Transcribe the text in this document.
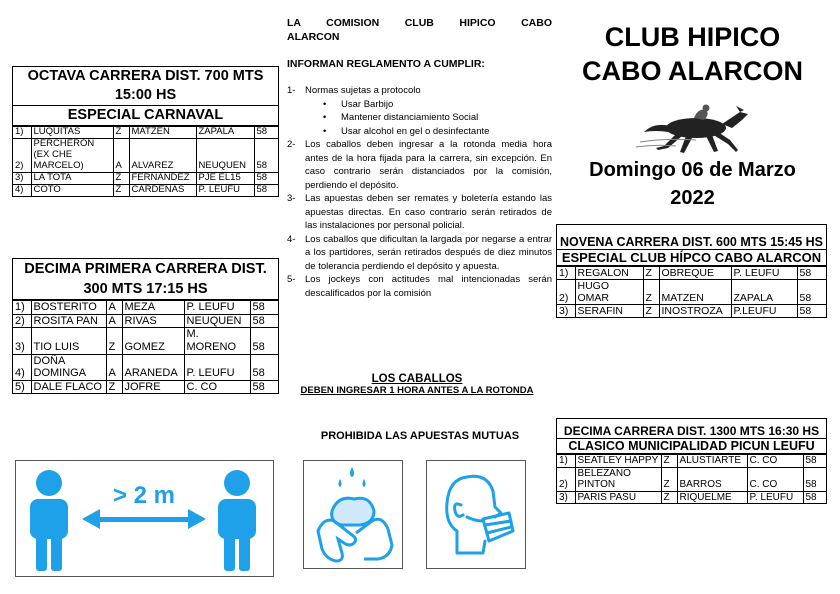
OCTAVA CARRERA DIST. 700 MTS 15:00 HS
ESPECIAL CARNAVAL
1)	LUQUITAS	Z	MATZEN	ZAPALA	58
2)	PERCHERON (EX CHE MARCELO)	A	ALVAREZ	NEUQUEN	58
3)	LA TOTA	Z	FERNANDEZ	PJE EL15	58
4)	COTO	Z	CARDENAS	P. LEUFU	58
DECIMA PRIMERA CARRERA DIST. 300 MTS 17:15 HS
1)	BOSTERITO	A	MEZA	P. LEUFU	58
2)	ROSITA PAN	A	RIVAS	NEUQUEN	58
3)	TIO LUIS	Z	GOMEZ	M. MORENO	58
4)	DOÑA DOMINGA	A	ARANEDA	P. LEUFU	58
5)	DALE FLACO	Z	JOFRE	C. CO	58
LA COMISION CLUB HIPICO CABO
ALARCON
INFORMAN REGLAMENTO A CUMPLIR:
1-	Normas sujetas a protocolo
• Usar Barbijo
• Mantener distanciamiento Social
• Usar alcohol en gel o desinfectante
2-	Los caballos deben ingresar a la rotonda media hora antes de la hora fijada para la carrera, sin excepción. En caso contrario serán distanciados por la comisión, perdiendo el depósito.
3-	Las apuestas deben ser remates y boletería estando las apuestas directas. En caso contrario serán retirados de las instalaciones por personal policial.
4-	Los caballos que dificultan la largada por negarse a entrar a los partidores, serán retirados después de diez minutos de tolerancia perdiendo el depósito y apuesta.
5-	Los jockeys con actitudes mal intencionadas serán descalificados por la comisión
LOS CABALLOS
DEBEN INGRESAR 1 HORA ANTES A LA ROTONDA
PROHIBIDA LAS APUESTAS MUTUAS
CLUB HIPICO
CABO ALARCON
Domingo 06 de Marzo
2022
NOVENA CARRERA DIST. 600 MTS 15:45 HS
ESPECIAL CLUB HÍPCO CABO ALARCON
1)	REGALON	Z	OBREQUE	P. LEUFU	58
2)	HUGO OMAR	Z	MATZEN	ZAPALA	58
3)	SERAFIN	Z	INOSTROZA	P.LEUFU	58
DECIMA CARRERA DIST. 1300 MTS 16:30 HS
CLASICO MUNICIPALIDAD PICUN LEUFU
1)	SEATLEY HAPPY	Z	ALUSTIARTE	C. CO	58
2)	BELEZANO PINTON	Z	BARROS	C. CO	58
3)	PARIS PASU	Z	RIQUELME	P. LEUFU	58
> 2 m
